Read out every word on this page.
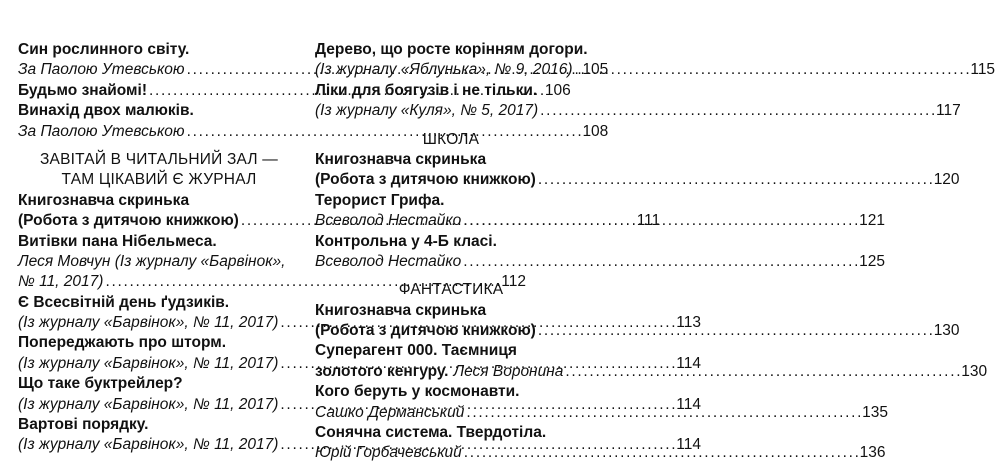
Син рослинного світу.
За Паолою Утевською . . .	105
Будьмо знайомі! . . .	106
Винахід двох малюків.
За Паолою Утевською . . .	108
ЗАВІТАЙ В ЧИТАЛЬНИЙ ЗАЛ —
ТАМ ЦІКАВИЙ Є ЖУРНАЛ
Книгознавча скринька
(Робота з дитячою книжкою) . . .	111
Витівки пана Нібельмеса.
Леся Мовчун (Із журналу «Барвінок»,
№ 11, 2017) . . .	112
Є Всесвітній день ґудзиків.
(Із журналу «Барвінок», № 11, 2017) . . .	113
Попереджають про шторм.
(Із журналу «Барвінок», № 11, 2017) . . .	114
Що таке буктрейлер?
(Із журналу «Барвінок», № 11, 2017) . . .	114
Вартові порядку.
(Із журналу «Барвінок», № 11, 2017) . . .	114
Дерево, що росте корінням догори.
(Із журналу «Яблунька», № 9, 2016) . . .	115
Ліки для боягузів і не тільки.
(Із журналу «Куля», № 5, 2017) . . .	117
ШКОЛА
Книгознавча скринька
(Робота з дитячою книжкою) . . .	120
Терорист Грифа.
Всеволод Нестайко . . .	121
Контрольна у 4-Б класі.
Всеволод Нестайко . . .	125
ФАНТАСТИКА
Книгознавча скринька
(Робота з дитячою книжкою) . . .	130
Суперагент 000. Таємниця
золотого кенгуру. Леся Воронина . . .	130
Кого беруть у космонавти.
Сашко Дерманський . . .	135
Сонячна система. Твердотіла.
Юрій Горбачевський . . .	136
